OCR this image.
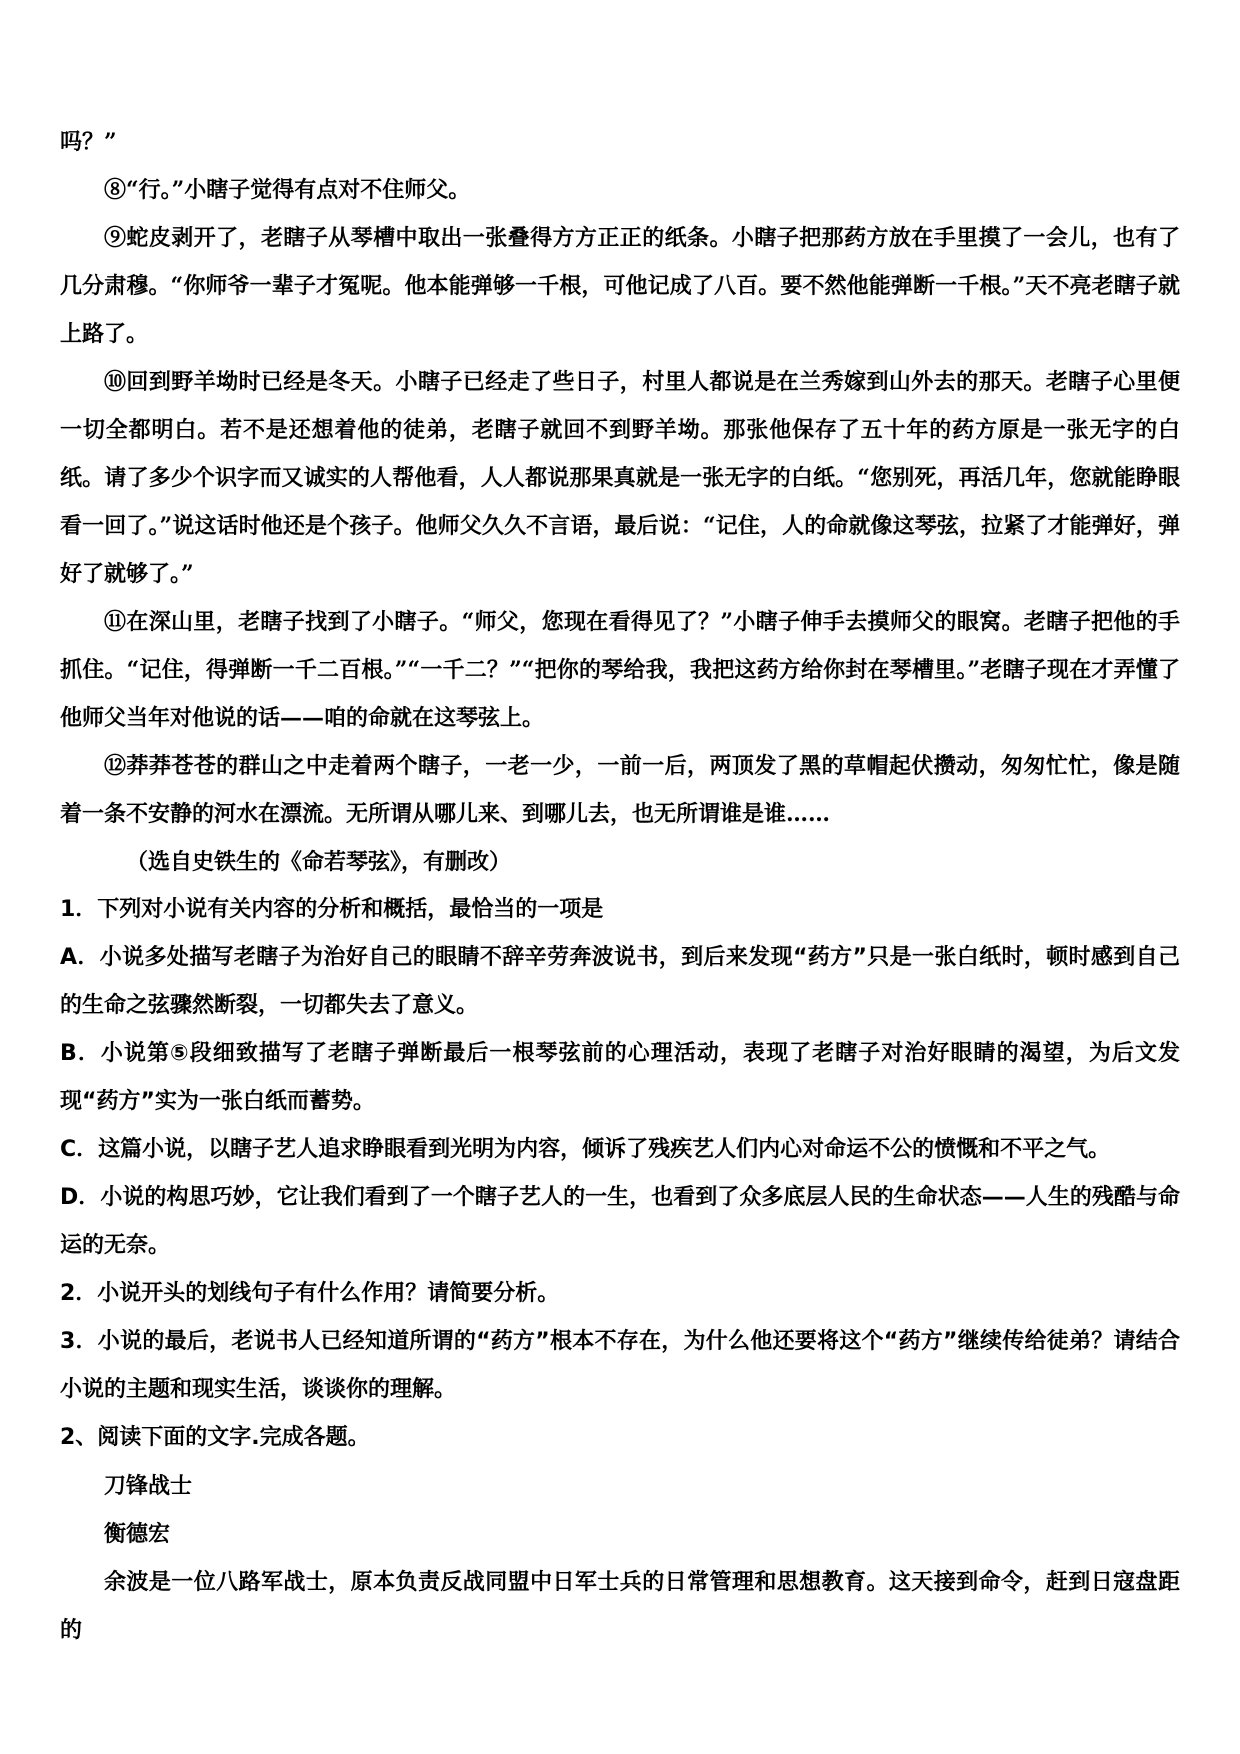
吗？”

⑧“行。”小瞎子觉得有点对不住师父。

⑨蛇皮剥开了，老瞎子从琴槽中取出一张叠得方方正正的纸条。小瞎子把那药方放在手里摸了一会儿，也有了几分肃穆。“你师爷一辈子才冤呢。他本能弹够一千根，可他记成了八百。要不然他能弹断一千根。”天不亮老瞎子就上路了。

⑩回到野羊坳时已经是冬天。小瞎子已经走了些日子，村里人都说是在兰秀嫁到山外去的那天。老瞎子心里便一切全都明白。若不是还想着他的徒弟，老瞎子就回不到野羊坳。那张他保存了五十年的药方原是一张无字的白纸。请了多少个识字而又诚实的人帮他看，人人都说那果真就是一张无字的白纸。“您别死，再活几年，您就能睁眼看一回了。”说这话时他还是个孩子。他师父久久不言语，最后说：“记住，人的命就像这琴弦，拉紧了才能弹好，弹好了就够了。”

⑪在深山里，老瞎子找到了小瞎子。“师父，您现在看得见了？”小瞎子伸手去摸师父的眼窝。老瞎子把他的手抓住。“记住，得弹断一千二百根。”“一千二？”“把你的琴给我，我把这药方给你封在琴槽里。”老瞎子现在才弄懂了他师父当年对他说的话——咱的命就在这琴弦上。

⑫莽莽苍苍的群山之中走着两个瞎子，一老一少，一前一后，两顶发了黑的草帽起伏攒动，匆匆忙忙，像是随着一条不安静的河水在漂流。无所谓从哪儿来、到哪儿去，也无所谓谁是谁……

（选自史铁生的《命若琴弦》，有删改）

1．下列对小说有关内容的分析和概括，最恰当的一项是

A．小说多处描写老瞎子为治好自己的眼睛不辞辛劳奔波说书，到后来发现“药方”只是一张白纸时，顿时感到自己的生命之弦骤然断裂，一切都失去了意义。

B．小说第⑤段细致描写了老瞎子弹断最后一根琴弦前的心理活动，表现了老瞎子对治好眼睛的渴望，为后文发现“药方”实为一张白纸而蓄势。

C．这篇小说，以瞎子艺人追求睁眼看到光明为内容，倾诉了残疾艺人们内心对命运不公的愤慨和不平之气。

D．小说的构思巧妙，它让我们看到了一个瞎子艺人的一生，也看到了众多底层人民的生命状态——人生的残酷与命运的无奈。

2．小说开头的划线句子有什么作用？请简要分析。

3．小说的最后，老说书人已经知道所谓的“药方”根本不存在，为什么他还要将这个“药方”继续传给徒弟？请结合小说的主题和现实生活，谈谈你的理解。

2、阅读下面的文字.完成各题。

刀锋战士

衡德宏

余波是一位八路军战士，原本负责反战同盟中日军士兵的日常管理和思想教育。这天接到命令，赶到日寇盘距的
